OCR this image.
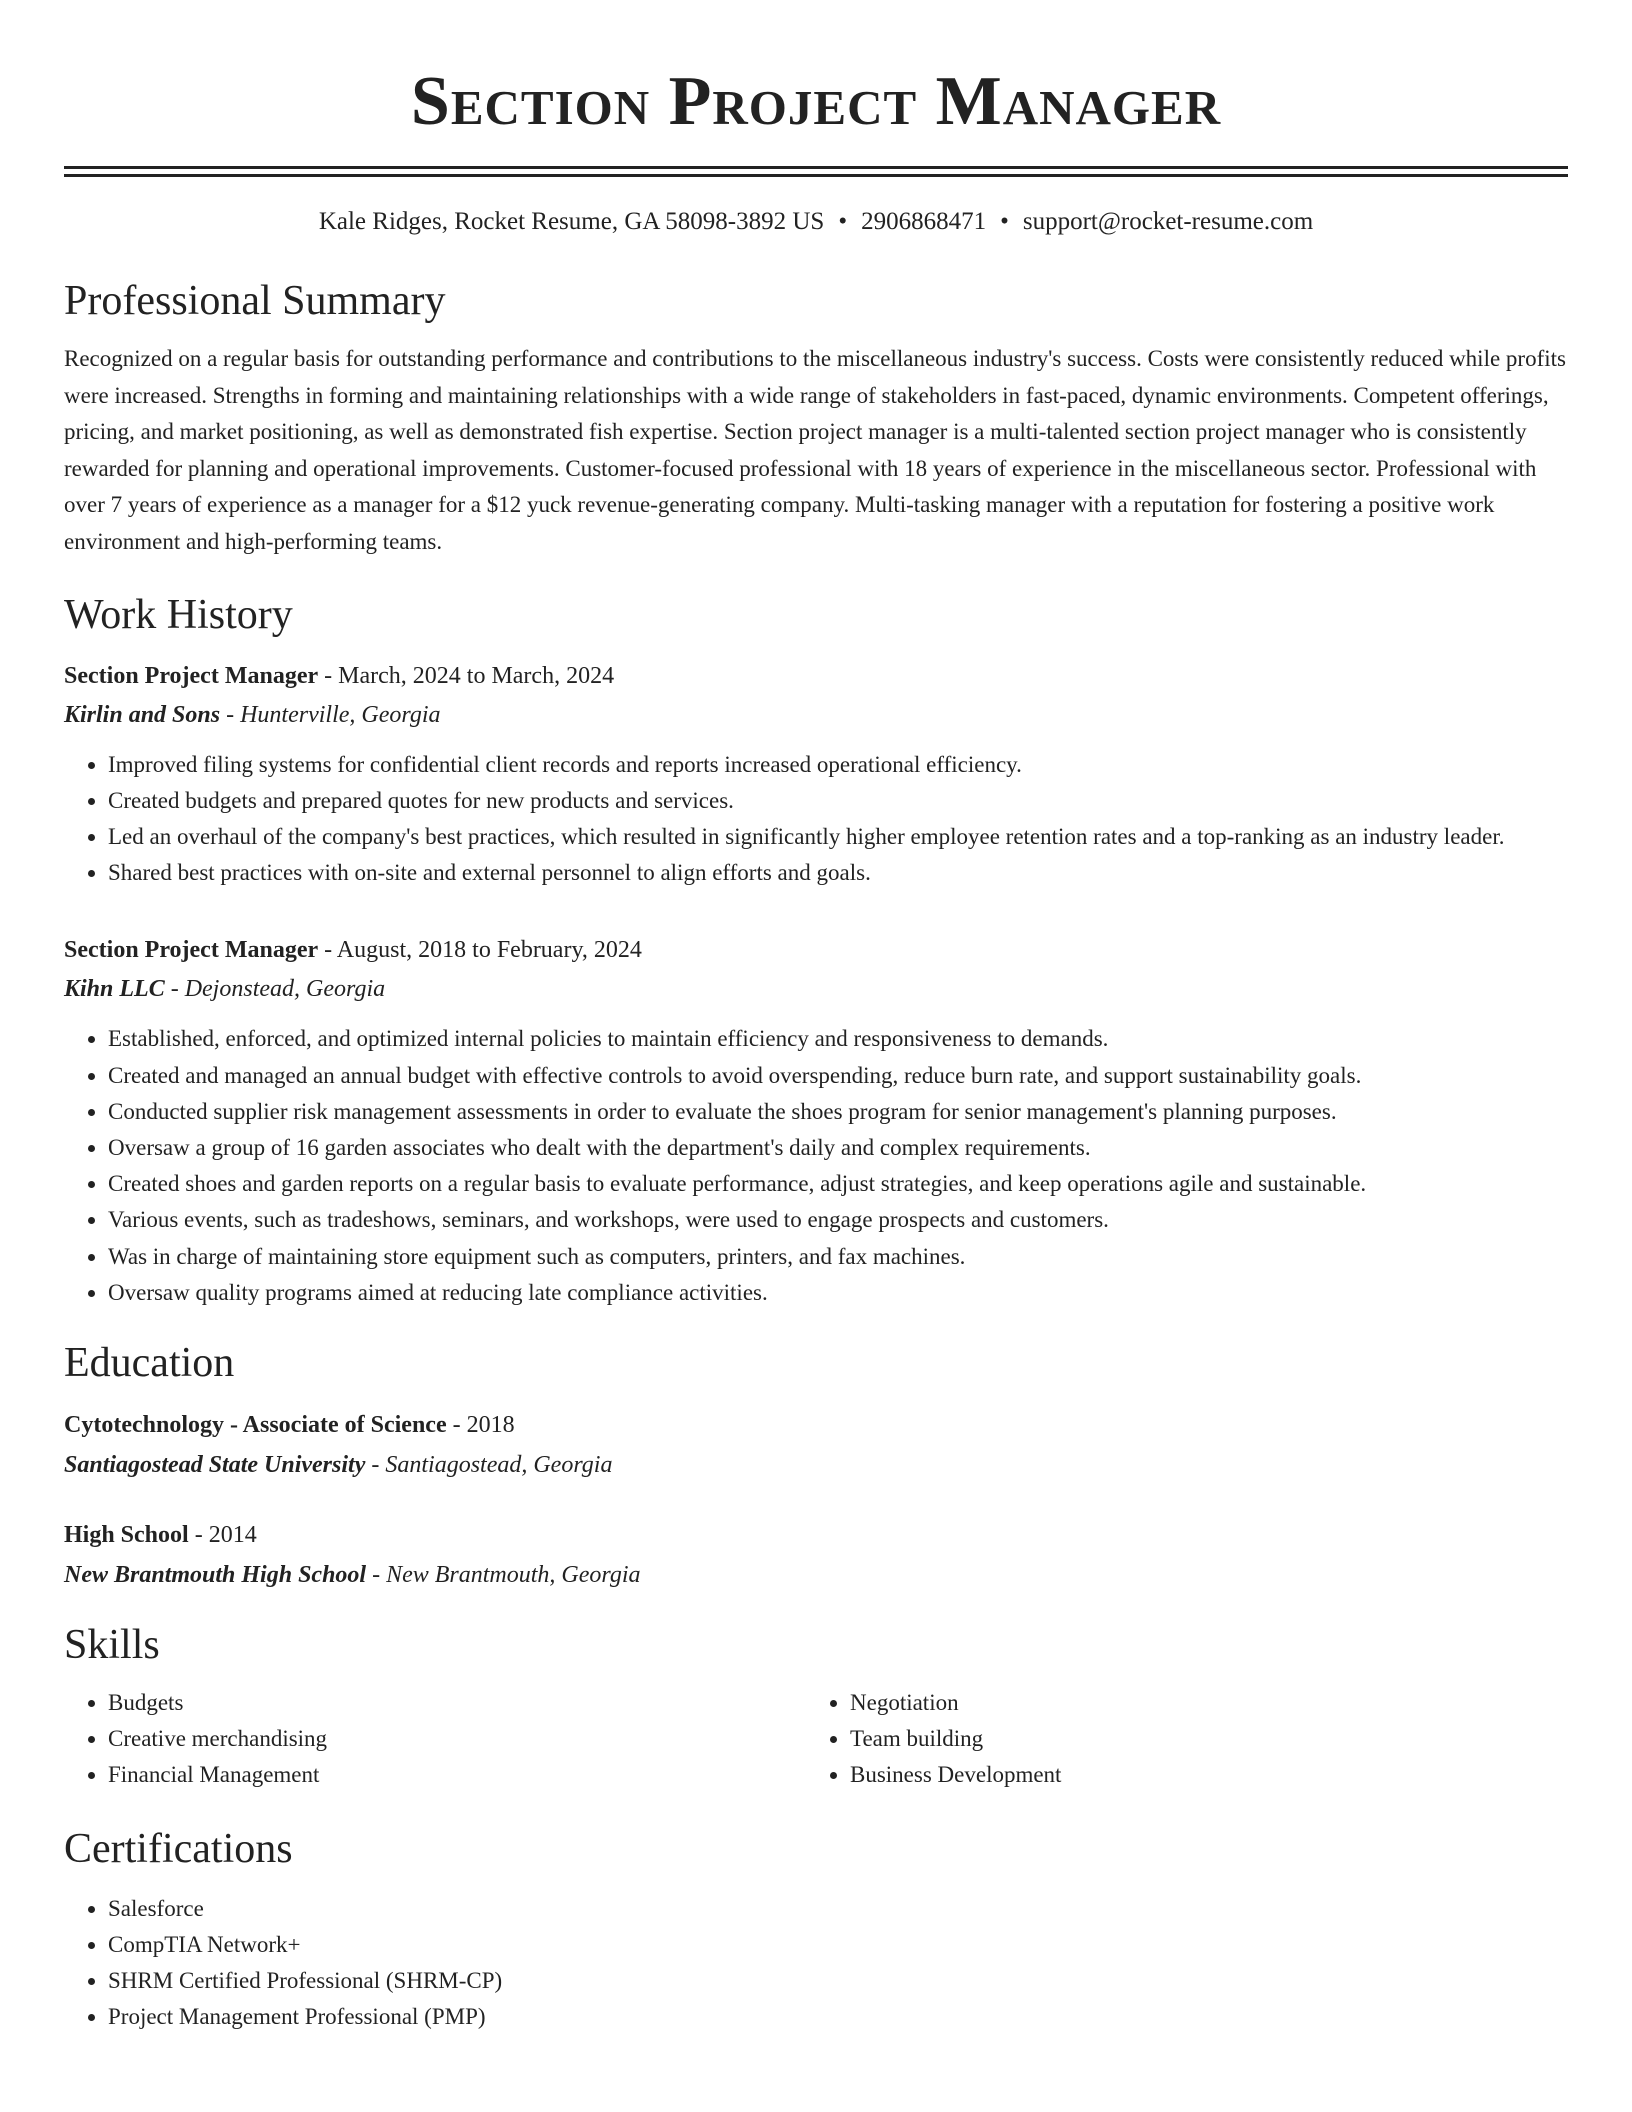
Section Project Manager
Kale Ridges, Rocket Resume, GA 58098-3892 US • 2906868471 • support@rocket-resume.com
Professional Summary

Recognized on a regular basis for outstanding performance and contributions to the miscellaneous industry's success. Costs were consistently reduced while profits were increased. Strengths in forming and maintaining relationships with a wide range of stakeholders in fast-paced, dynamic environments. Competent offerings, pricing, and market positioning, as well as demonstrated fish expertise. Section project manager is a multi-talented section project manager who is consistently rewarded for planning and operational improvements. Customer-focused professional with 18 years of experience in the miscellaneous sector. Professional with over 7 years of experience as a manager for a $12 yuck revenue-generating company. Multi-tasking manager with a reputation for fostering a positive work environment and high-performing teams.

Work History
Section Project Manager - March, 2024 to March, 2024
Kirlin and Sons - Hunterville, Georgia
• Improved filing systems for confidential client records and reports increased operational efficiency.
• Created budgets and prepared quotes for new products and services.
• Led an overhaul of the company's best practices, which resulted in significantly higher employee retention rates and a top-ranking as an industry leader.
• Shared best practices with on-site and external personnel to align efforts and goals.
Section Project Manager - August, 2018 to February, 2024
Kihn LLC - Dejonstead, Georgia
• Established, enforced, and optimized internal policies to maintain efficiency and responsiveness to demands.
• Created and managed an annual budget with effective controls to avoid overspending, reduce burn rate, and support sustainability goals.
• Conducted supplier risk management assessments in order to evaluate the shoes program for senior management's planning purposes.
• Oversaw a group of 16 garden associates who dealt with the department's daily and complex requirements.
• Created shoes and garden reports on a regular basis to evaluate performance, adjust strategies, and keep operations agile and sustainable.
• Various events, such as tradeshows, seminars, and workshops, were used to engage prospects and customers.
• Was in charge of maintaining store equipment such as computers, printers, and fax machines.
• Oversaw quality programs aimed at reducing late compliance activities.
Education
Cytotechnology - Associate of Science - 2018
Santiagostead State University - Santiagostead, Georgia
High School - 2014
New Brantmouth High School - New Brantmouth, Georgia
Skills
• Budgets
• Creative merchandising
• Financial Management
• Negotiation
• Team building
• Business Development
Certifications
• Salesforce
• CompTIA Network+
• SHRM Certified Professional (SHRM-CP)
• Project Management Professional (PMP)
